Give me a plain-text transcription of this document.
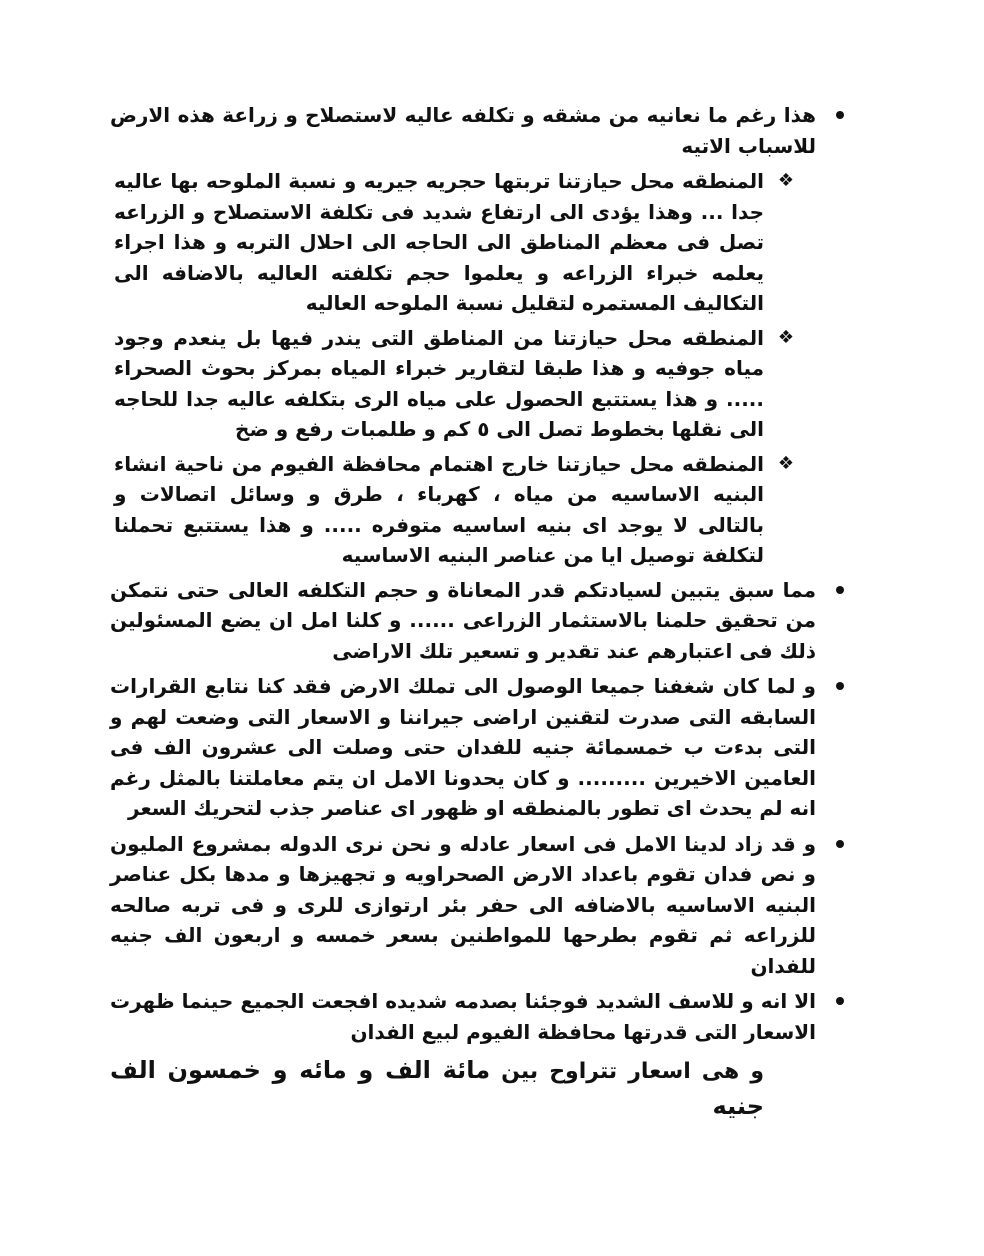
هذا رغم ما نعانيه من مشقه و تكلفه عاليه لاستصلاح و زراعة هذه الارض للاسباب الاتيه
❖
المنطقه محل حيازتنا تربتها حجريه جيريه و نسبة الملوحه بها عاليه جدا ... وهذا يؤدى الى ارتفاع شديد فى تكلفة الاستصلاح و الزراعه تصل فى معظم المناطق الى الحاجه الى احلال التربه و هذا اجراء يعلمه خبراء الزراعه و يعلموا حجم تكلفته العاليه بالاضافه الى التكاليف المستمره لتقليل نسبة الملوحه العاليه
❖
المنطقه محل حيازتنا من المناطق التى يندر فيها بل ينعدم وجود مياه جوفيه و هذا طبقا لتقارير خبراء المياه بمركز بحوث الصحراء ..... و هذا يستتبع الحصول على مياه الرى بتكلفه عاليه جدا للحاجه الى نقلها بخطوط تصل الى ٥ كم و طلمبات رفع و ضخ
❖
المنطقه محل حيازتنا خارج اهتمام محافظة الفيوم من ناحية انشاء البنيه الاساسيه من مياه ، كهرباء ، طرق و وسائل اتصالات و بالتالى لا يوجد اى بنيه اساسيه متوفره ..... و هذا يستتبع تحملنا لتكلفة توصيل ايا من عناصر البنيه الاساسيه
مما سبق يتبين لسيادتكم قدر المعاناة و حجم التكلفه العالى حتى نتمكن من تحقيق حلمنا بالاستثمار الزراعى ...... و كلنا امل ان يضع المسئولين ذلك فى اعتبارهم عند تقدير و تسعير تلك الاراضى
و لما كان شغفنا جميعا الوصول الى تملك الارض فقد كنا نتابع القرارات السابقه التى صدرت لتقنين اراضى جيراننا و الاسعار التى وضعت لهم و التى بدءت ب خمسمائة جنيه للفدان حتى وصلت الى عشرون الف فى العامين الاخيرين ......... و كان يحدونا الامل ان يتم معاملتنا بالمثل رغم انه لم يحدث اى تطور بالمنطقه او ظهور اى عناصر جذب لتحريك السعر
و قد زاد لدينا الامل فى اسعار عادله و نحن نرى الدوله بمشروع المليون و نص فدان تقوم باعداد الارض الصحراويه و تجهيزها و مدها بكل عناصر البنيه الاساسيه بالاضافه الى حفر بئر ارتوازى للرى و فى تربه صالحه للزراعه ثم تقوم بطرحها للمواطنين بسعر خمسه و اربعون الف جنيه للفدان
الا انه و للاسف الشديد فوجئنا بصدمه شديده افجعت الجميع حينما ظهرت الاسعار التى قدرتها محافظة الفيوم لبيع الفدان
و هى اسعار تتراوح بين مائة الف و مائه و خمسون الف جنيه
